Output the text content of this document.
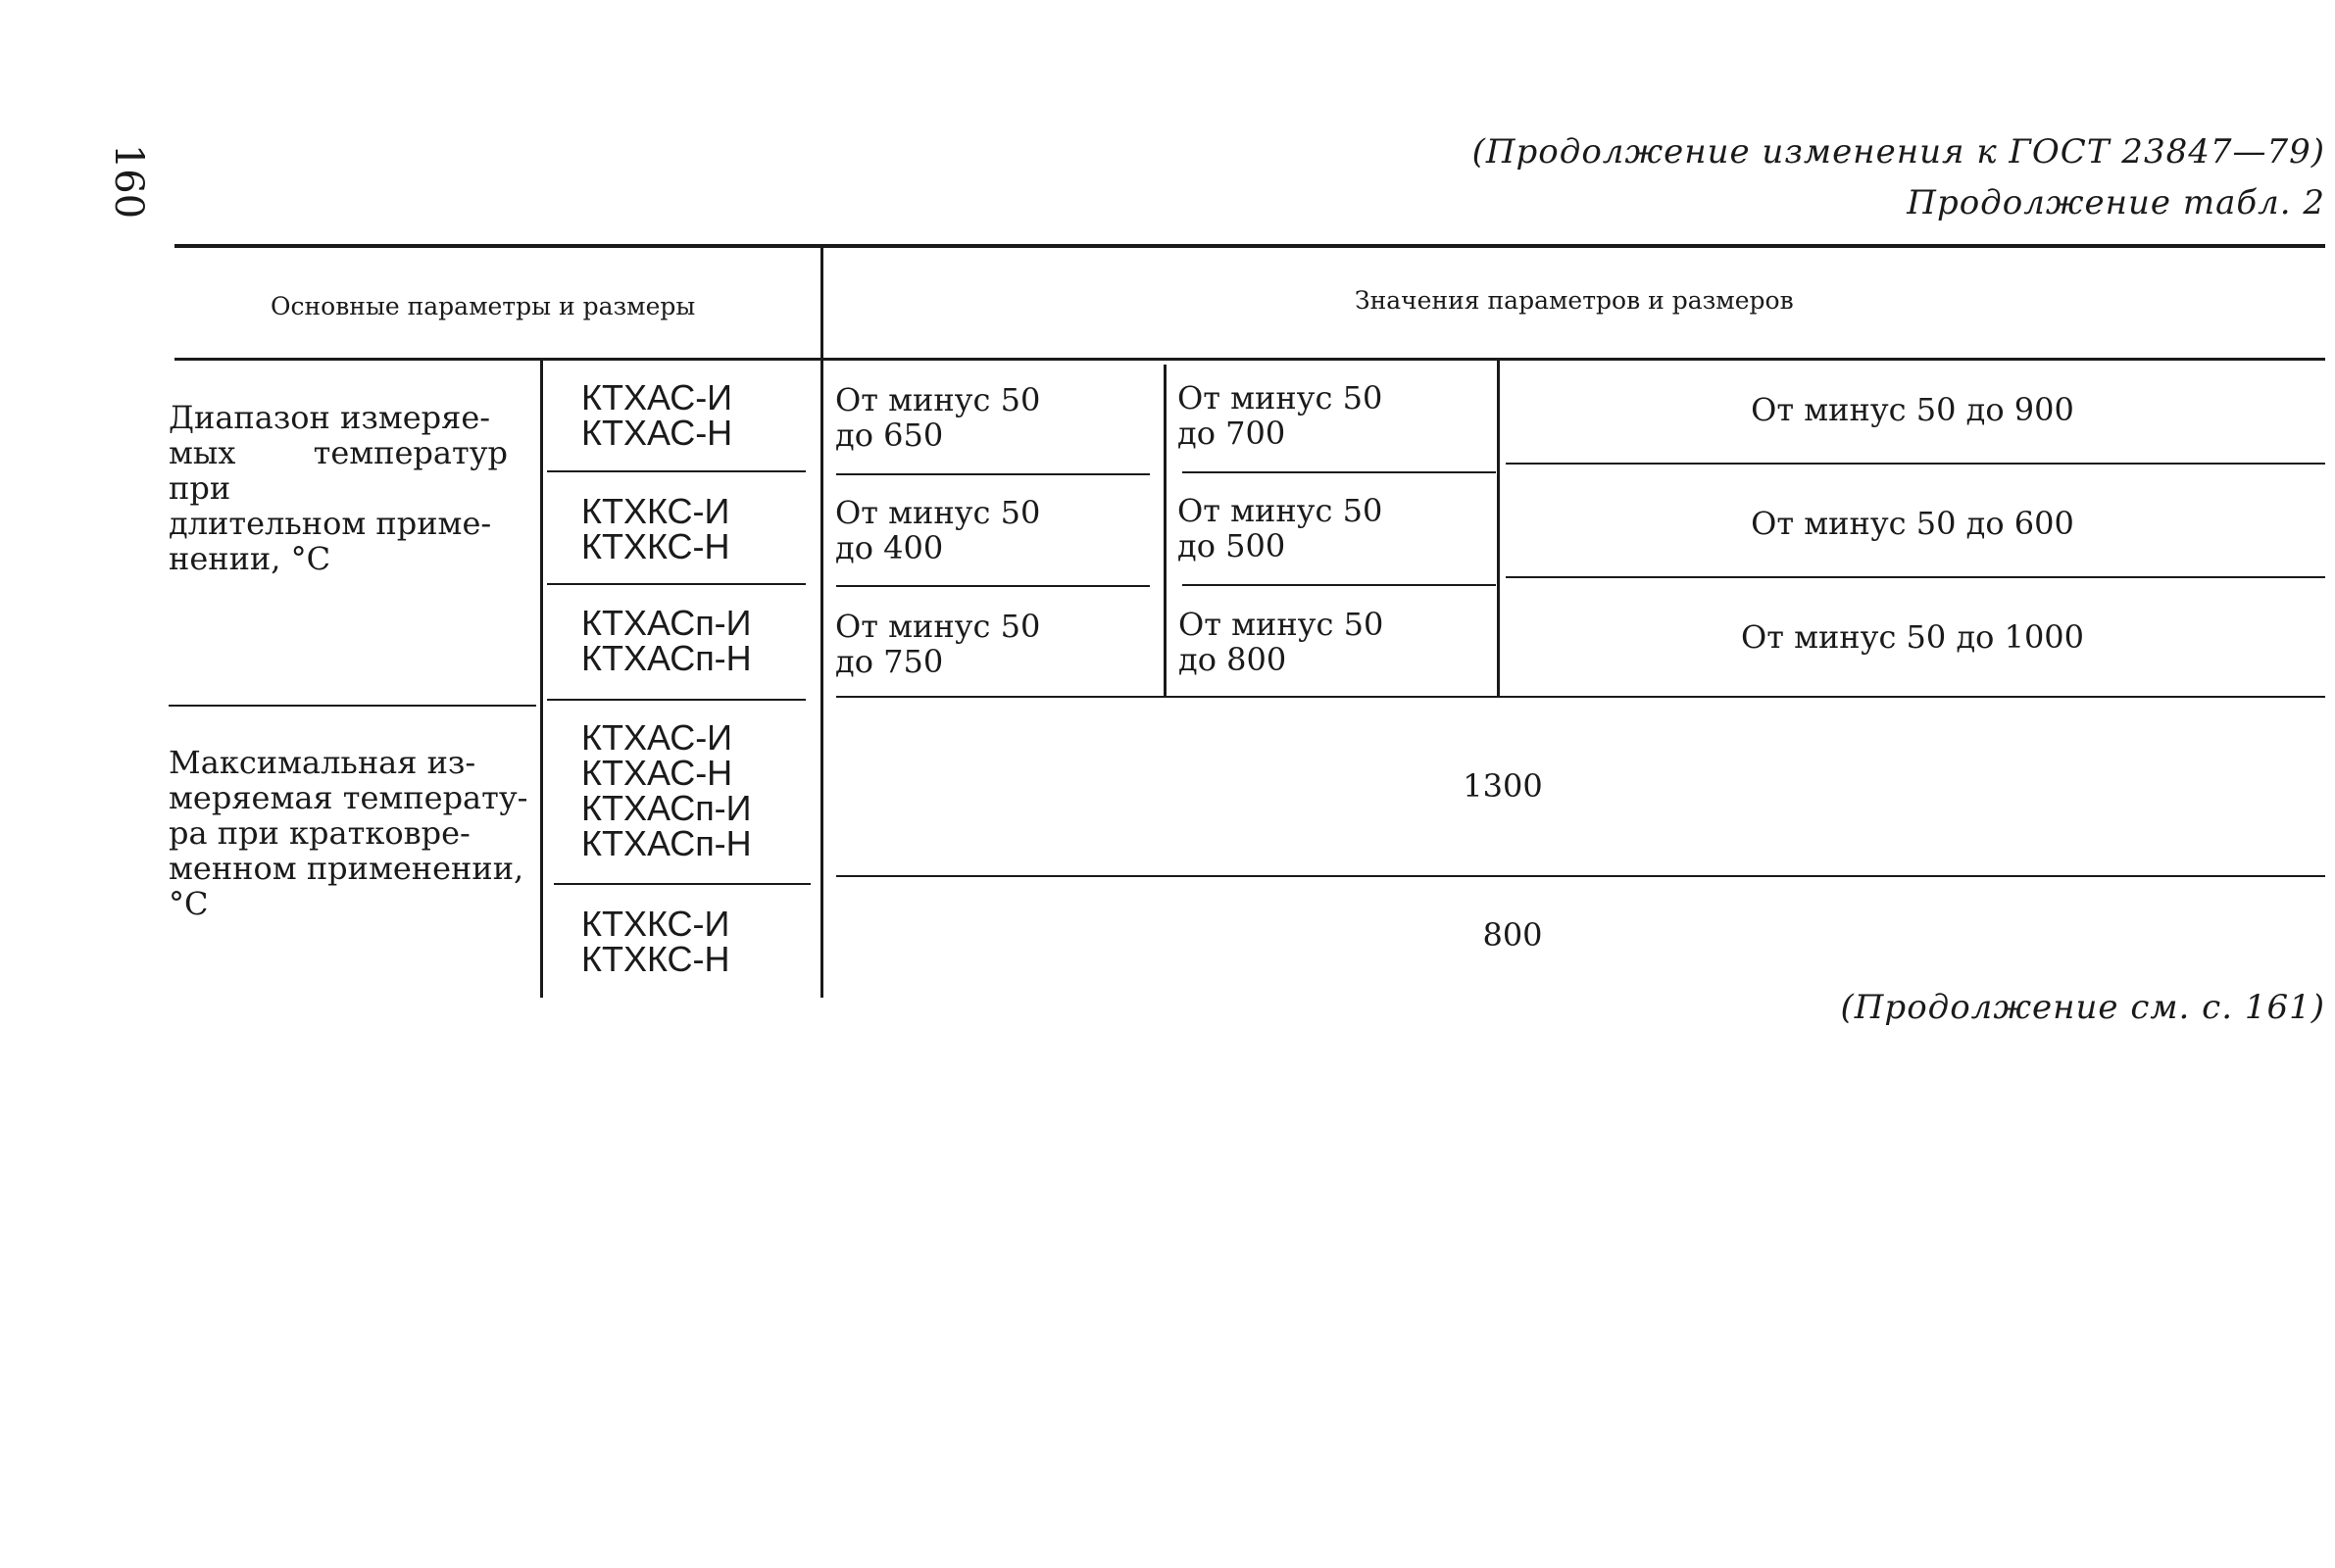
160	(Продолжение изменения к ГОСТ 23847—79)
Продолжение табл. 2
Основные параметры и размеры	Значения параметров и размеров
Диапазон измеряе-
мых температур при
длительном приме-
нении, °С
КТХАС-И
КТХАС-Н
От минус 50
до 650
От минус 50
до 700
От минус 50 до 900
КТХКС-И
КТХКС-Н
От минус 50
до 400
От минус 50
до 500
От минус 50 до 600
КТХАСп-И
КТХАСп-Н
От минус 50
до 750
От минус 50
до 800
От минус 50 до 1000
Максимальная из-
меряемая температу-
ра при кратковре-
менном применении,
°С
КТХАС-И
КТХАС-Н
КТХАСп-И
КТХАСп-Н
1300
КТХКС-И
КТХКС-Н
800
(Продолжение см. с. 161)
